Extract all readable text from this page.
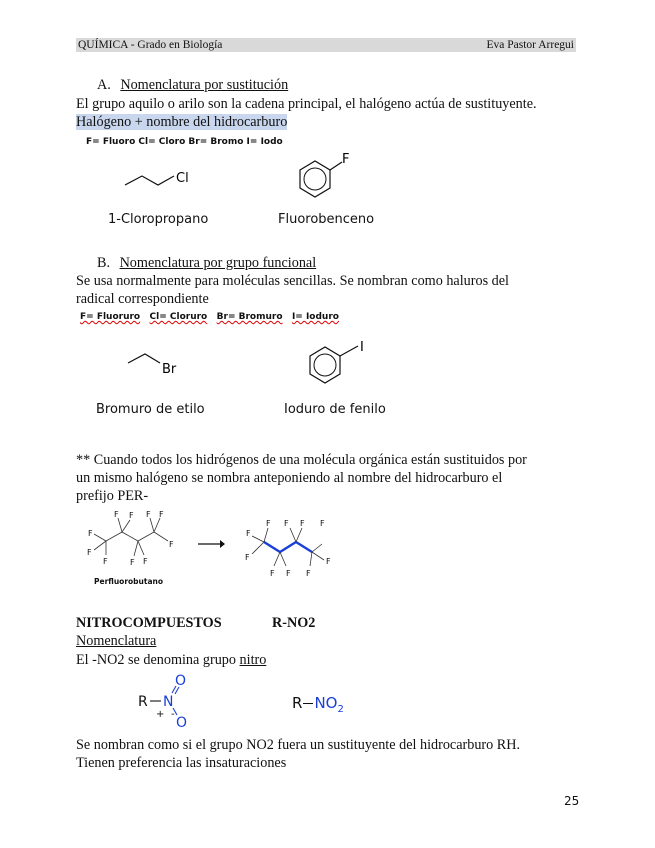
QUÍMICA - Grado en Biología	Eva Pastor Arregui
A. Nomenclatura por sustitución
El grupo aquilo o arilo son la cadena principal, el halógeno actúa de sustituyente.
Halógeno + nombre del hidrocarburo
F= Fluoro Cl= Cloro Br= Bromo I= Iodo
Cl
1-Cloropropano
F
Fluorobenceno
B. Nomenclatura por grupo funcional
Se usa normalmente para moléculas sencillas. Se nombran como haluros del
radical correspondiente
F= Fluoruro Cl= Cloruro Br= Bromuro I= Ioduro
Br
Bromuro de etilo
I
Ioduro de fenilo
** Cuando todos los hidrógenos de una molécula orgánica están sustituidos por
un mismo halógeno se nombra anteponiendo al nombre del hidrocarburo el
prefijo PER-
F
F
F
F F
F F
F F
F
Perfluorobutano
F
F
F F F F
F F F
F
NITROCOMPUESTOS	R-NO2
Nomenclatura
El -NO2 se denomina grupo nitro
R N
+
O
O
-
R $NO_2$
Se nombran como si el grupo NO2 fuera un sustituyente del hidrocarburo RH.
Tienen preferencia las insaturaciones
25
